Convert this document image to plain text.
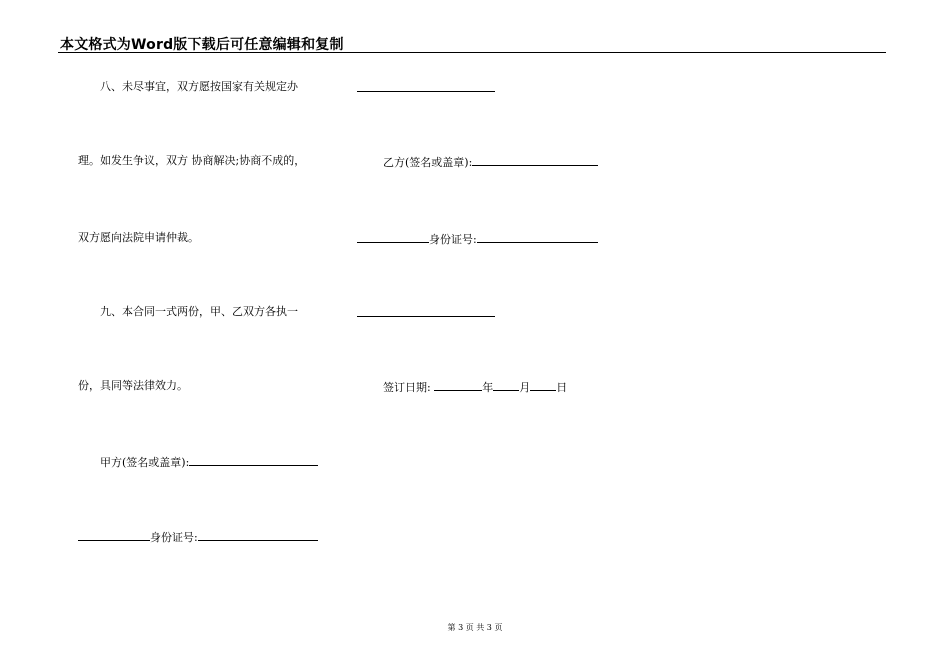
本文格式为Word版下载后可任意编辑和复制
八、未尽事宜，双方愿按国家有关规定办
理。如发生争议，双方 协商解决;协商不成的，
双方愿向法院申请仲裁。
九、本合同一式两份，甲、乙双方各执一
份，具同等法律效力。
甲方(签名或盖章):
身份证号:
乙方(签名或盖章):
身份证号:
签订日期:	年 月 日
第 3 页 共 3 页
